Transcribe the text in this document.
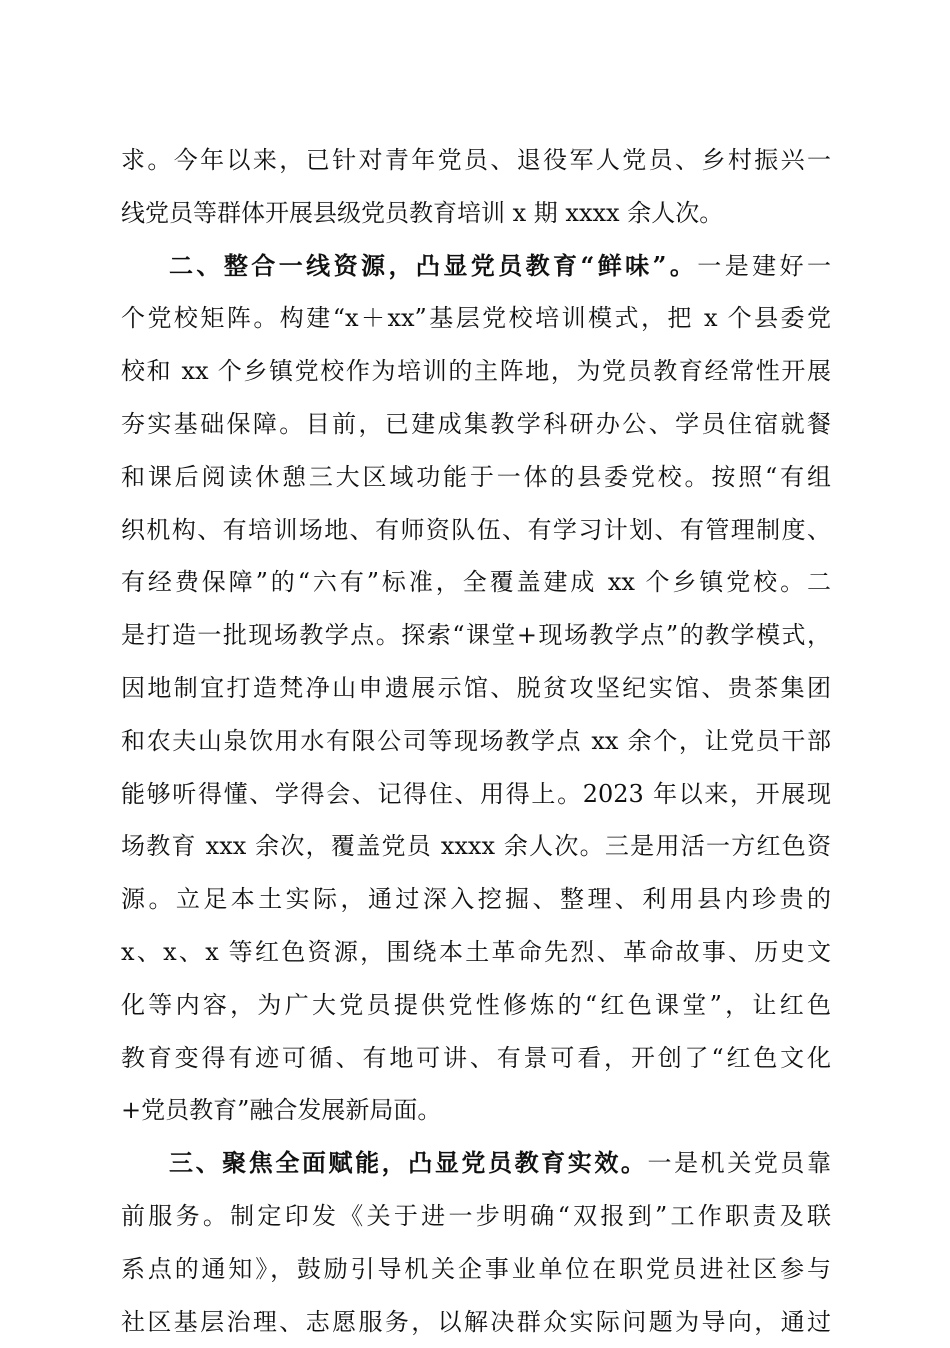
求。今年以来，已针对青年党员、退役军人党员、乡村振兴一
线党员等群体开展县级党员教育培训 x 期 xxxx 余人次。
二、整合一线资源，凸显党员教育“鲜味”。一是建好一
个党校矩阵。构建“x＋xx”基层党校培训模式，把 x 个县委党
校和 xx 个乡镇党校作为培训的主阵地，为党员教育经常性开展
夯实基础保障。目前，已建成集教学科研办公、学员住宿就餐
和课后阅读休憩三大区域功能于一体的县委党校。按照“有组
织机构、有培训场地、有师资队伍、有学习计划、有管理制度、
有经费保障”的“六有”标准，全覆盖建成 xx 个乡镇党校。二
是打造一批现场教学点。探索“课堂+现场教学点”的教学模式，
因地制宜打造梵净山申遗展示馆、脱贫攻坚纪实馆、贵茶集团
和农夫山泉饮用水有限公司等现场教学点 xx 余个，让党员干部
能够听得懂、学得会、记得住、用得上。2023 年以来，开展现
场教育 xxx 余次，覆盖党员 xxxx 余人次。三是用活一方红色资
源。立足本土实际，通过深入挖掘、整理、利用县内珍贵的
x、x、x 等红色资源，围绕本土革命先烈、革命故事、历史文
化等内容，为广大党员提供党性修炼的“红色课堂”，让红色
教育变得有迹可循、有地可讲、有景可看，开创了“红色文化
+党员教育”融合发展新局面。
三、聚焦全面赋能，凸显党员教育实效。一是机关党员靠
前服务。制定印发《关于进一步明确“双报到”工作职责及联
系点的通知》，鼓励引导机关企事业单位在职党员进社区参与
社区基层治理、志愿服务，以解决群众实际问题为导向，通过
